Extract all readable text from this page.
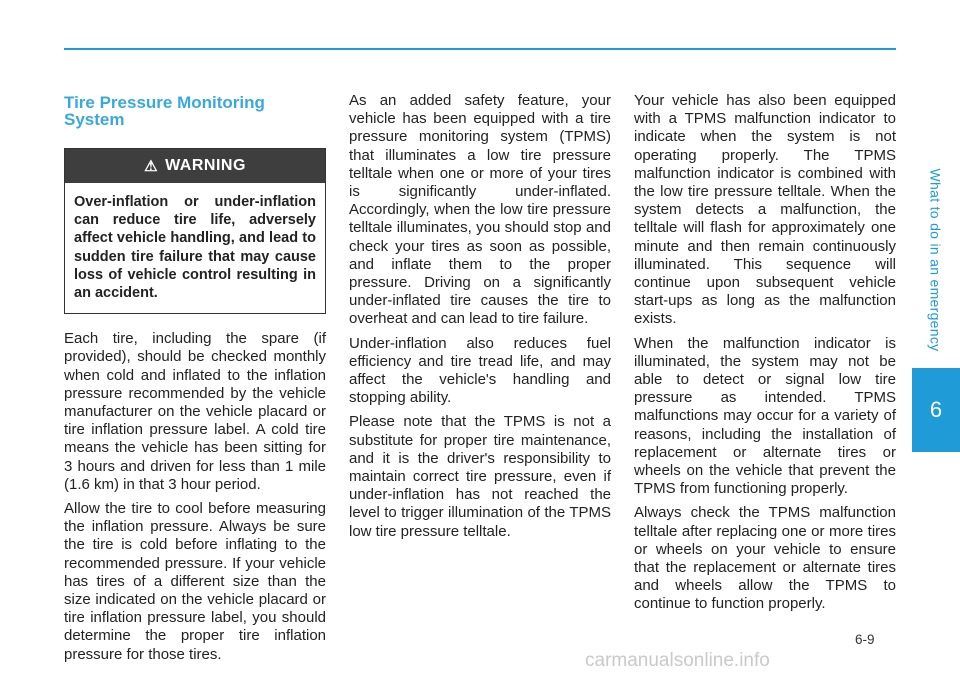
What to do in an emergency
6
Tire Pressure Monitoring System
⚠ WARNING
Over-inflation or under-inflation can reduce tire life, adversely affect vehicle handling, and lead to sudden tire failure that may cause loss of vehicle control resulting in an accident.

Each tire, including the spare (if provided), should be checked monthly when cold and inflated to the inflation pressure recommended by the vehicle manufacturer on the vehicle placard or tire inflation pressure label. A cold tire means the vehicle has been sitting for 3 hours and driven for less than 1 mile (1.6 km) in that 3 hour period.

Allow the tire to cool before measuring the inflation pressure. Always be sure the tire is cold before inflating to the recommended pressure. If your vehicle has tires of a different size than the size indicated on the vehicle placard or tire inflation pressure label, you should determine the proper tire inflation pressure for those tires.

As an added safety feature, your vehicle has been equipped with a tire pressure monitoring system (TPMS) that illuminates a low tire pressure telltale when one or more of your tires is significantly under-inflated. Accordingly, when the low tire pressure telltale illuminates, you should stop and check your tires as soon as possible, and inflate them to the proper pressure. Driving on a significantly under-inflated tire causes the tire to overheat and can lead to tire failure.

Under-inflation also reduces fuel efficiency and tire tread life, and may affect the vehicle's handling and stopping ability.

Please note that the TPMS is not a substitute for proper tire maintenance, and it is the driver's responsibility to maintain correct tire pressure, even if under-inflation has not reached the level to trigger illumination of the TPMS low tire pressure telltale.

Your vehicle has also been equipped with a TPMS malfunction indicator to indicate when the system is not operating properly. The TPMS malfunction indicator is combined with the low tire pressure telltale. When the system detects a malfunction, the telltale will flash for approximately one minute and then remain continuously illuminated. This sequence will continue upon subsequent vehicle start-ups as long as the malfunction exists.

When the malfunction indicator is illuminated, the system may not be able to detect or signal low tire pressure as intended. TPMS malfunctions may occur for a variety of reasons, including the installation of replacement or alternate tires or wheels on the vehicle that prevent the TPMS from functioning properly.

Always check the TPMS malfunction telltale after replacing one or more tires or wheels on your vehicle to ensure that the replacement or alternate tires and wheels allow the TPMS to continue to function properly.

6-9
carmanualsonline.info
